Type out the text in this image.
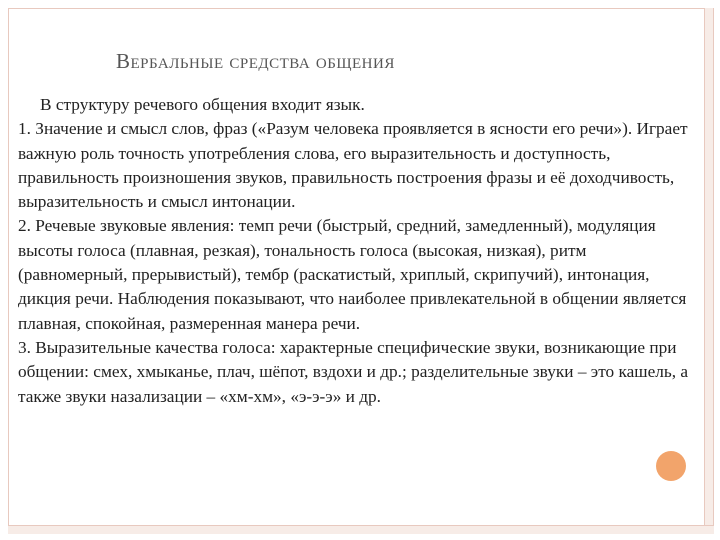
Вербальные средства общения

В структуру речевого общения входит язык.

1. Значение и смысл слов, фраз («Разум человека проявляется в ясности его речи»). Играет важную роль точность употребления слова, его выразительность и доступность, правильность произношения звуков, правильность построения фразы и её доходчивость, выразительность и смысл интонации.

2. Речевые звуковые явления: темп речи (быстрый, средний, замедленный), модуляция высоты голоса (плавная, резкая), тональность голоса (высокая, низкая), ритм (равномерный, прерывистый), тембр (раскатистый, хриплый, скрипучий), интонация, дикция речи. Наблюдения показывают, что наиболее привлекательной в общении является плавная, спокойная, размеренная манера речи.

3. Выразительные качества голоса: характерные специфические звуки, возникающие при общении: смех, хмыканье, плач, шёпот, вздохи и др.; разделительные звуки – это кашель, а также звуки назализации – «хм-хм», «э-э-э» и др.
